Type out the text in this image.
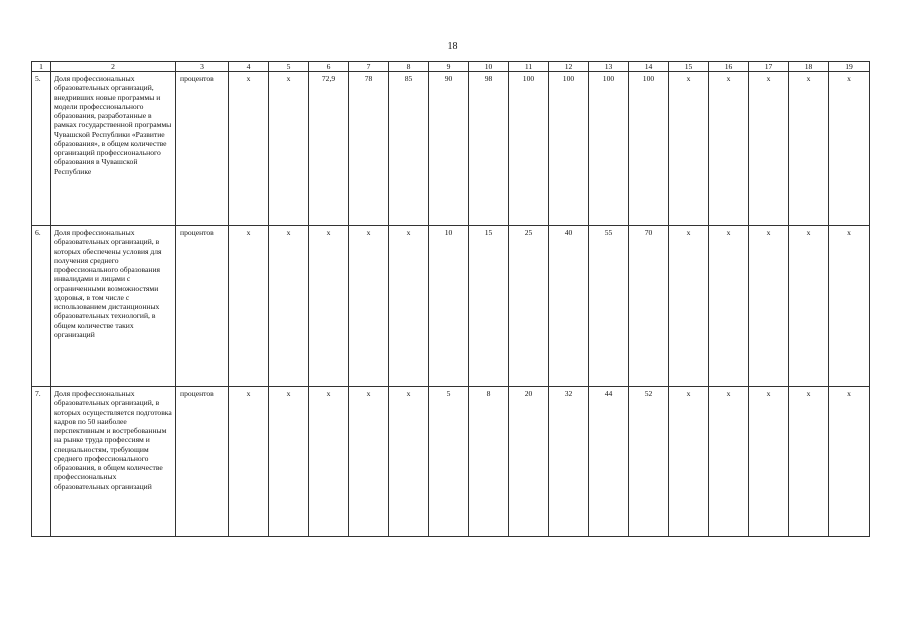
18
1	2	3	4	5	6	7	8	9	10	11	12	13	14	15	16	17	18	19
5.	Доля профессиональных образовательных организаций, внедривших новые программы и модели профессионального образования, разработанные в рамках государственной программы Чувашской Республики «Развитие образования», в общем количестве организаций профессионального образования в Чувашской Республике	процентов	x	x	72,9	78	85	90	98	100	100	100	100	x	x	x	x	x
6.	Доля профессиональных образовательных организаций, в которых обеспечены условия для получения среднего профессионального образования инвалидами и лицами с ограниченными возможностями здоровья, в том числе с использованием дистанционных образовательных технологий, в общем количестве таких организаций	процентов	x	x	x	x	x	10	15	25	40	55	70	x	x	x	x	x
7.	Доля профессиональных образовательных организаций, в которых осуществляется подготовка кадров по 50 наиболее перспективным и востребованным на рынке труда профессиям и специальностям, требующим среднего профессионального образования, в общем количестве профессиональных образовательных организаций	процентов	x	x	x	x	x	5	8	20	32	44	52	x	x	x	x	x
